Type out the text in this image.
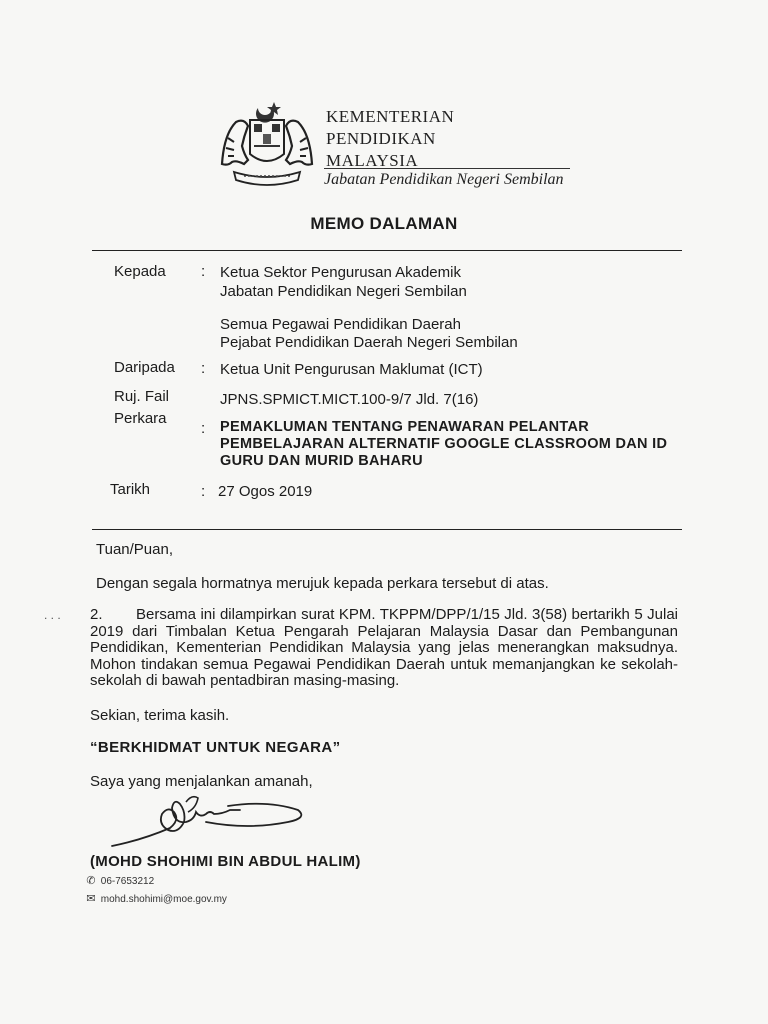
KEMENTERIAN
PENDIDIKAN
MALAYSIA
Jabatan Pendidikan Negeri Sembilan
MEMO DALAMAN
Kepada : Ketua Sektor Pengurusan Akademik
Jabatan Pendidikan Negeri Sembilan
Semua Pegawai Pendidikan Daerah
Pejabat Pendidikan Daerah Negeri Sembilan
Daripada : Ketua Unit Pengurusan Maklumat (ICT)
Ruj. Fail	JPNS.SPMICT.MICT.100-9/7 Jld. 7(16)
Perkara
: PEMAKLUMAN TENTANG PENAWARAN PELANTAR PEMBELAJARAN ALTERNATIF GOOGLE CLASSROOM DAN ID GURU DAN MURID BAHARU
Tarikh	: 27 Ogos 2019
Tuan/Puan,
Dengan segala hormatnya merujuk kepada perkara tersebut di atas.
. . . 2. Bersama ini dilampirkan surat KPM. TKPPM/DPP/1/15 Jld. 3(58) bertarikh 5 Julai 2019 dari Timbalan Ketua Pengarah Pelajaran Malaysia Dasar dan Pembangunan Pendidikan, Kementerian Pendidikan Malaysia yang jelas menerangkan maksudnya. Mohon tindakan semua Pegawai Pendidikan Daerah untuk memanjangkan ke sekolah-sekolah di bawah pentadbiran masing-masing.
Sekian, terima kasih.
“BERKHIDMAT UNTUK NEGARA”
Saya yang menjalankan amanah,
(MOHD SHOHIMI BIN ABDUL HALIM)
✆ 06-7653212
✉ mohd.shohimi@moe.gov.my
